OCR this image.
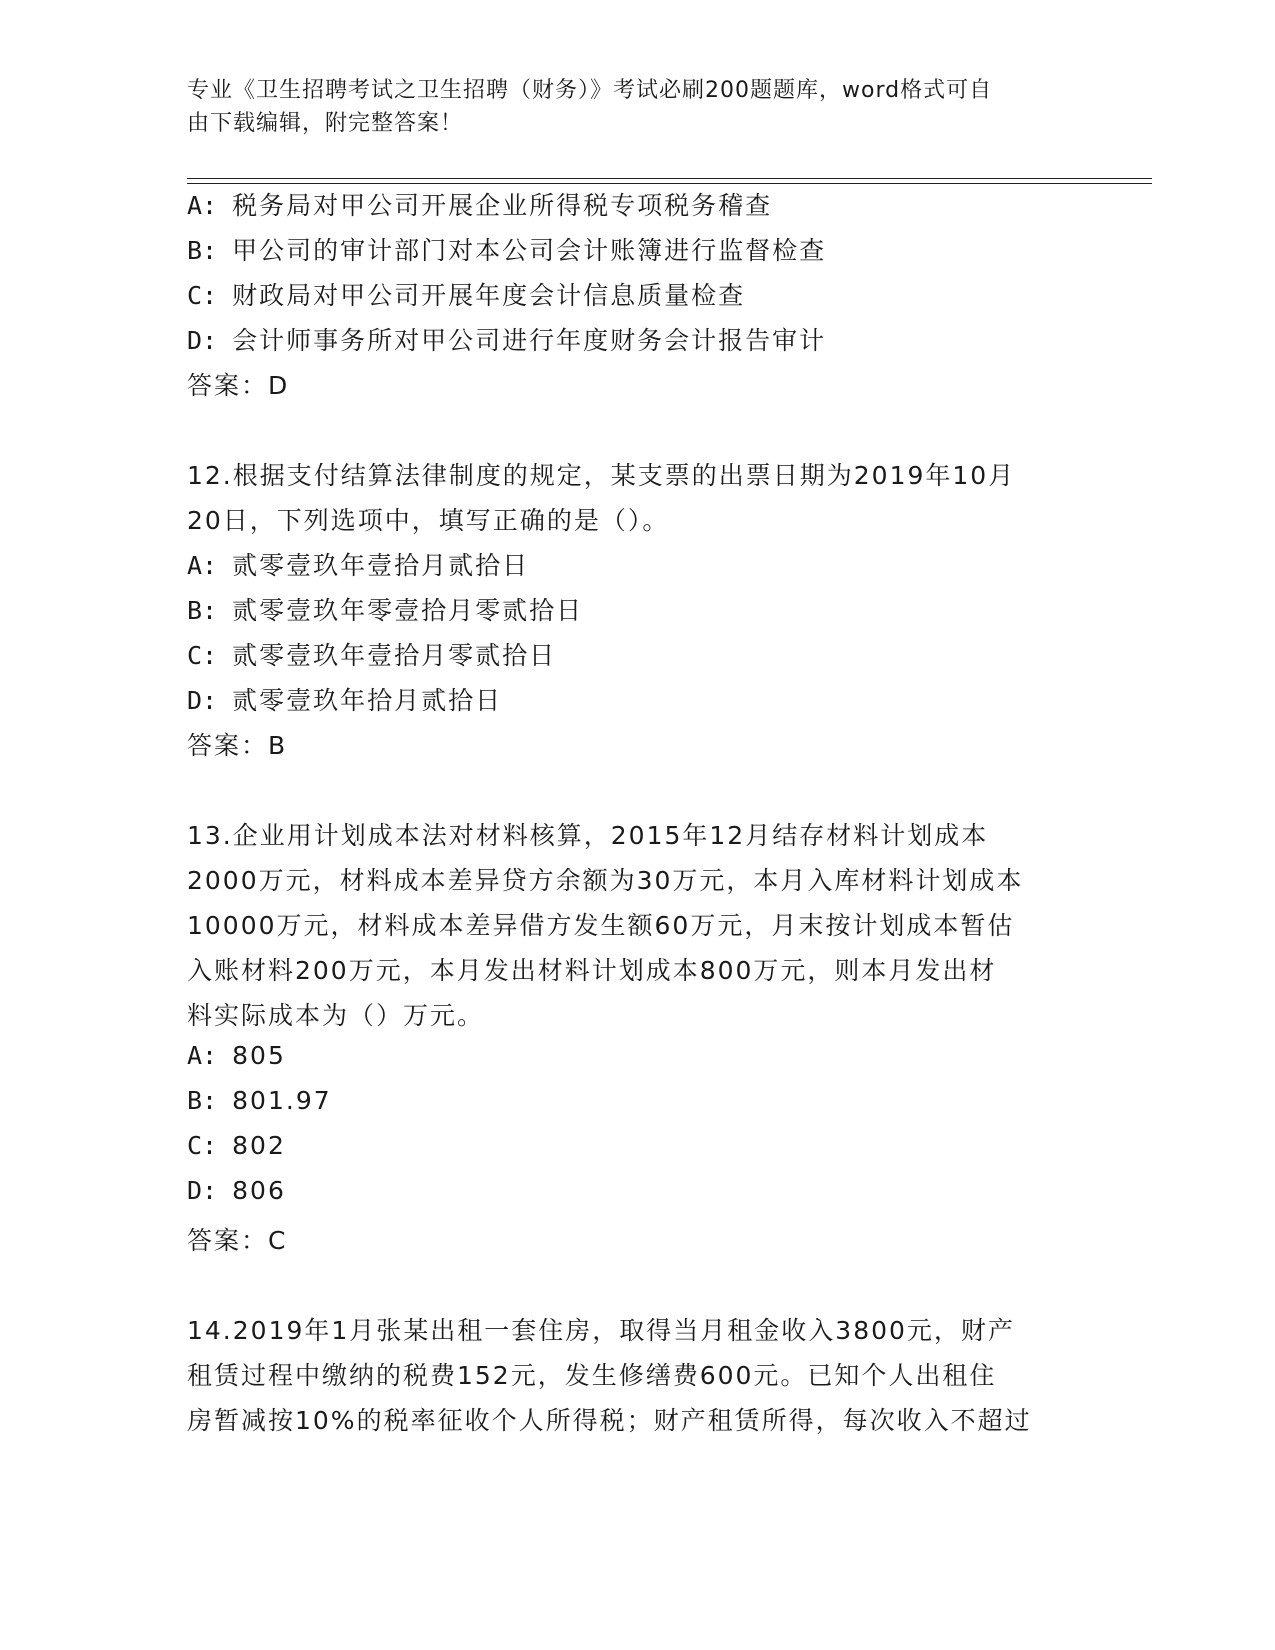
专业《卫生招聘考试之卫生招聘（财务）》考试必刷200题题库，word格式可自
由下载编辑，附完整答案！
A: 税务局对甲公司开展企业所得税专项税务稽查
B: 甲公司的审计部门对本公司会计账簿进行监督检查
C: 财政局对甲公司开展年度会计信息质量检查
D: 会计师事务所对甲公司进行年度财务会计报告审计
答案：D
12.根据支付结算法律制度的规定，某支票的出票日期为2019年10月
20日，下列选项中，填写正确的是（）。
A: 贰零壹玖年壹拾月贰拾日
B: 贰零壹玖年零壹拾月零贰拾日
C: 贰零壹玖年壹拾月零贰拾日
D: 贰零壹玖年拾月贰拾日
答案：B
13.企业用计划成本法对材料核算，2015年12月结存材料计划成本
2000万元，材料成本差异贷方余额为30万元，本月入库材料计划成本
10000万元，材料成本差异借方发生额60万元，月末按计划成本暂估
入账材料200万元，本月发出材料计划成本800万元，则本月发出材
料实际成本为（）万元。
A: 805
B: 801.97
C: 802
D: 806
答案：C
14.2019年1月张某出租一套住房，取得当月租金收入3800元，财产
租赁过程中缴纳的税费152元，发生修缮费600元。已知个人出租住
房暂减按10%的税率征收个人所得税；财产租赁所得，每次收入不超过
